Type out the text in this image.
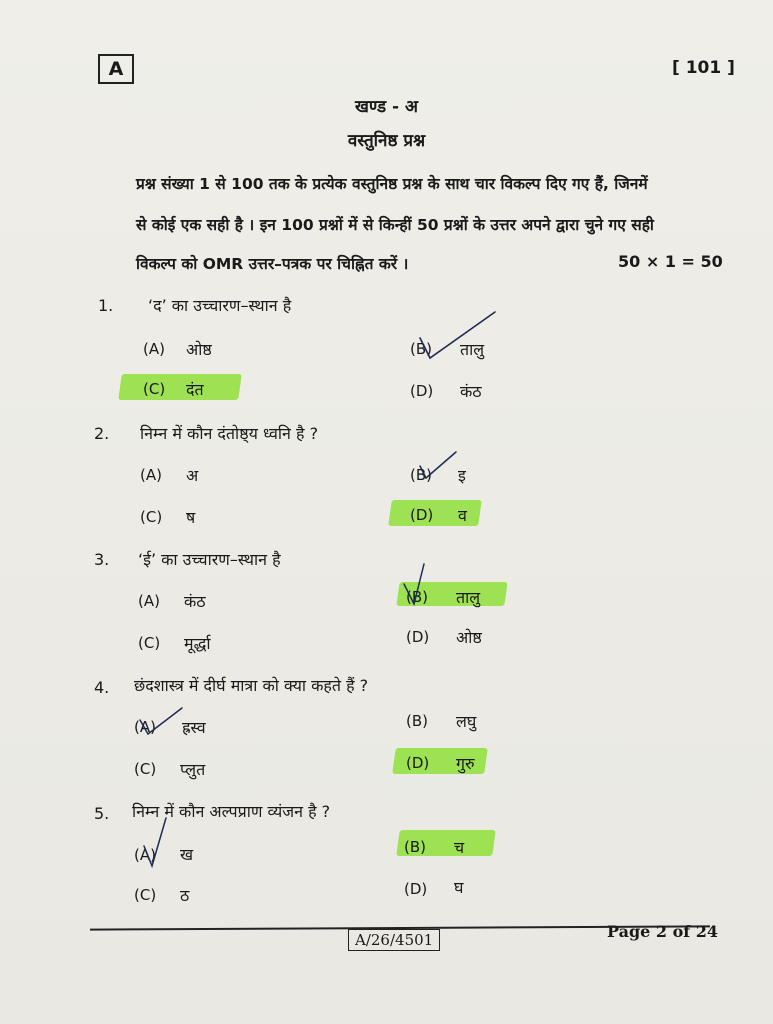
A	[ 101 ]
खण्ड - अ
वस्तुनिष्ठ प्रश्न
प्रश्न संख्या 1 से 100 तक के प्रत्येक वस्तुनिष्ठ प्रश्न के साथ चार विकल्प दिए गए हैं, जिनमें
से कोई एक सही है । इन 100 प्रश्नों में से किन्हीं 50 प्रश्नों के उत्तर अपने द्वारा चुने गए सही
विकल्प को OMR उत्तर–पत्रक पर चिह्नित करें ।	50 × 1 = 50
1. ‘द’ का उच्चारण–स्थान है
(A) ओष्ठ	(B) तालु
(C) दंत	(D) कंठ
2. निम्न में कौन दंतोष्ठ्य ध्वनि है ?
(A) अ	(B) इ
(C) ष	(D) व
3. ‘ई’ का उच्चारण–स्थान है
(A) कंठ	(B) तालु
(C) मूर्द्धा	(D) ओष्ठ
4. छंदशास्त्र में दीर्घ मात्रा को क्या कहते हैं ?
(A) ह्रस्व	(B) लघु
(C) प्लुत	(D) गुरु
5. निम्न में कौन अल्पप्राण व्यंजन है ?
(A) ख	(B) च
(C) ठ	(D) घ
A/26/4501	Page 2 of 24
